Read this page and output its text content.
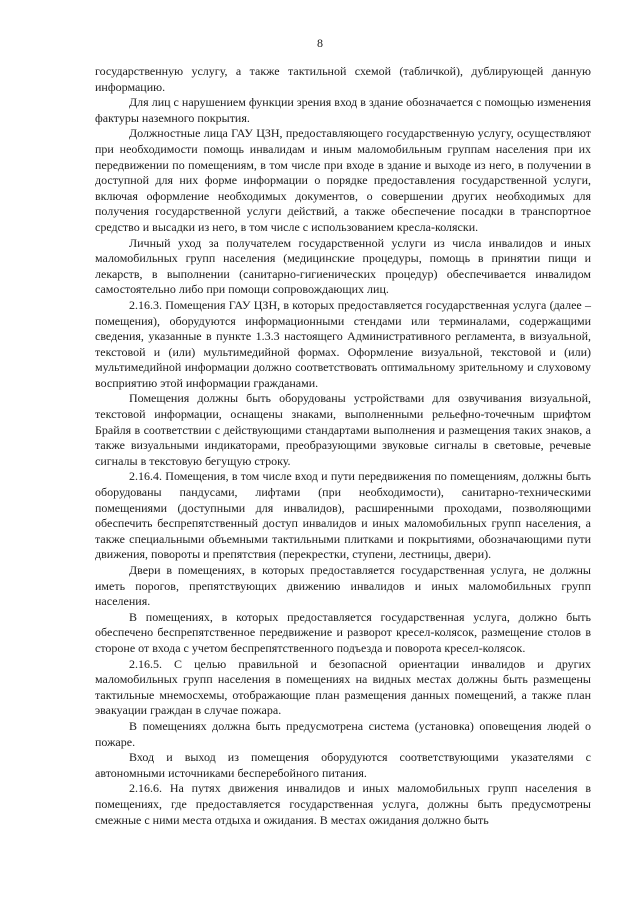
8

государственную услугу, а также тактильной схемой (табличкой), дублирующей данную информацию.

Для лиц с нарушением функции зрения вход в здание обозначается с помощью изменения фактуры наземного покрытия.

Должностные лица ГАУ ЦЗН, предоставляющего государственную услугу, осуществляют при необходимости помощь инвалидам и иным маломобильным группам населения при их передвижении по помещениям, в том числе при входе в здание и выходе из него, в получении в доступной для них форме информации о порядке предоставления государственной услуги, включая оформление необходимых документов, о совершении других необходимых для получения государственной услуги действий, а также обеспечение посадки в транспортное средство и высадки из него, в том числе с использованием кресла-коляски.

Личный уход за получателем государственной услуги из числа инвалидов и иных маломобильных групп населения (медицинские процедуры, помощь в принятии пищи и лекарств, в выполнении (санитарно-гигиенических процедур) обеспечивается инвалидом самостоятельно либо при помощи сопровождающих лиц.

2.16.3. Помещения ГАУ ЦЗН, в которых предоставляется государственная услуга (далее – помещения), оборудуются информационными стендами или терминалами, содержащими сведения, указанные в пункте 1.3.3 настоящего Административного регламента, в визуальной, текстовой и (или) мультимедийной формах. Оформление визуальной, текстовой и (или) мультимедийной информации должно соответствовать оптимальному зрительному и слуховому восприятию этой информации гражданами.

Помещения должны быть оборудованы устройствами для озвучивания визуальной, текстовой информации, оснащены знаками, выполненными рельефно-точечным шрифтом Брайля в соответствии с действующими стандартами выполнения и размещения таких знаков, а также визуальными индикаторами, преобразующими звуковые сигналы в световые, речевые сигналы в текстовую бегущую строку.

2.16.4. Помещения, в том числе вход и пути передвижения по помещениям, должны быть оборудованы пандусами, лифтами (при необходимости), санитарно-техническими помещениями (доступными для инвалидов), расширенными проходами, позволяющими обеспечить беспрепятственный доступ инвалидов и иных маломобильных групп населения, а также специальными объемными тактильными плитками и покрытиями, обозначающими пути движения, повороты и препятствия (перекрестки, ступени, лестницы, двери).

Двери в помещениях, в которых предоставляется государственная услуга, не должны иметь порогов, препятствующих движению инвалидов и иных маломобильных групп населения.

В помещениях, в которых предоставляется государственная услуга, должно быть обеспечено беспрепятственное передвижение и разворот кресел-колясок, размещение столов в стороне от входа с учетом беспрепятственного подъезда и поворота кресел-колясок.

2.16.5. С целью правильной и безопасной ориентации инвалидов и других маломобильных групп населения в помещениях на видных местах должны быть размещены тактильные мнемосхемы, отображающие план размещения данных помещений, а также план эвакуации граждан в случае пожара.

В помещениях должна быть предусмотрена система (установка) оповещения людей о пожаре.

Вход и выход из помещения оборудуются соответствующими указателями с автономными источниками бесперебойного питания.

2.16.6. На путях движения инвалидов и иных маломобильных групп населения в помещениях, где предоставляется государственная услуга, должны быть предусмотрены смежные с ними места отдыха и ожидания. В местах ожидания должно быть
